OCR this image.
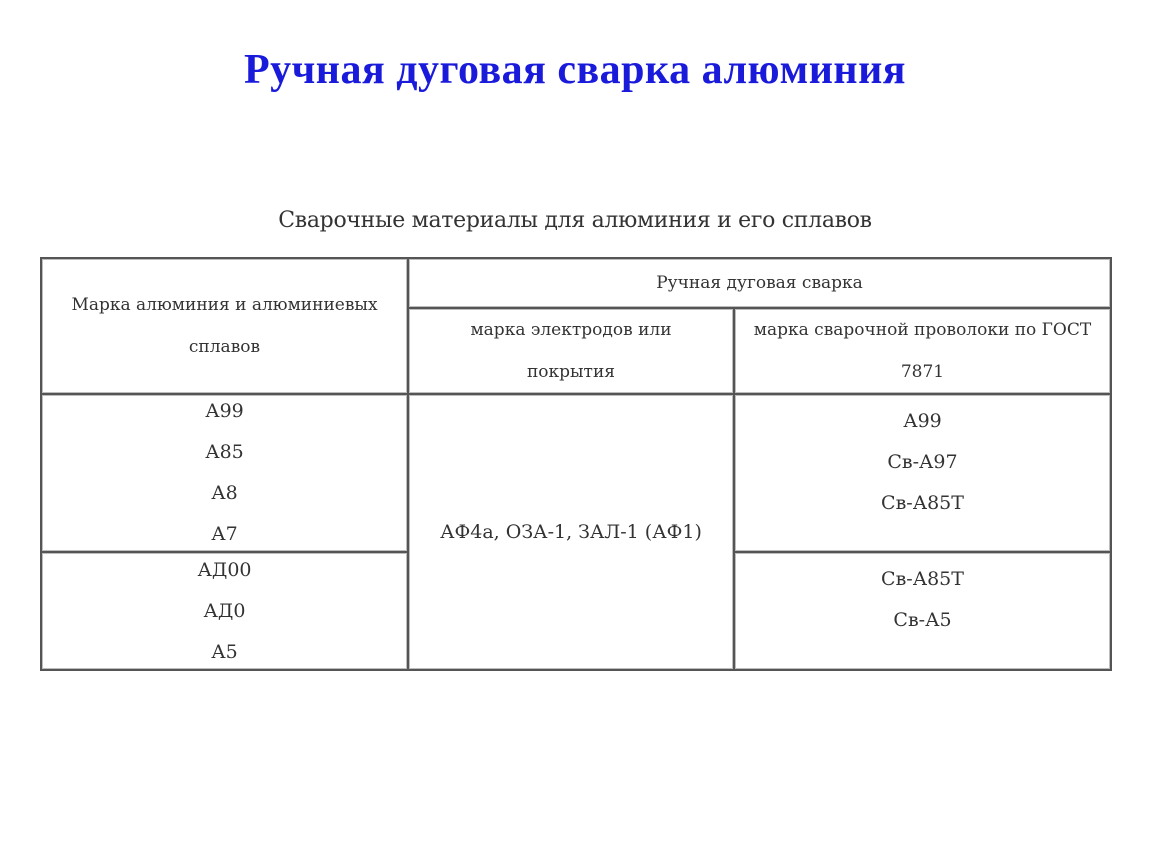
Ручная дуговая сварка алюминия
Сварочные материалы для алюминия и его сплавов
Марка алюминия и алюминиевых сплавов
Ручная дуговая сварка
марка электродов или покрытия
марка сварочной проволоки по ГОСТ 7871
А99
А85
А8
А7
АД00
АД0
А5
АФ4а, ОЗА-1, ЗАЛ-1 (АФ1)
А99
Св-А97
Св-А85Т
Св-А85Т
Св-А5
